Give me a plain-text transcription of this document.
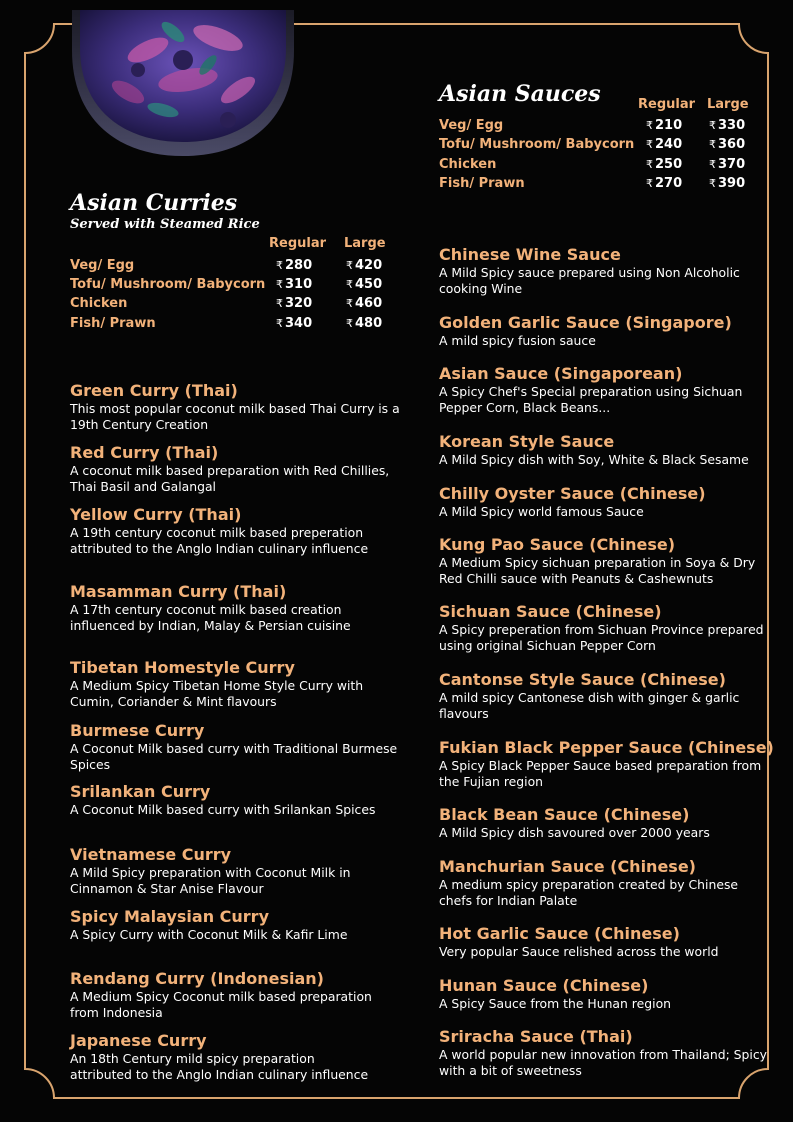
Asian Curries
Served with Steamed Rice
Regular Large
Veg/ Egg	₹ 280	₹ 420
Tofu/ Mushroom/ Babycorn ₹ 310	₹ 450
Chicken	₹ 320	₹ 460
Fish/ Prawn	₹ 340	₹ 480
Green Curry (Thai)
This most popular coconut milk based Thai Curry is a 19th Century Creation
Red Curry (Thai)
A coconut milk based preparation with Red Chillies, Thai Basil and Galangal
Yellow Curry (Thai)
A 19th century coconut milk based preperation attributed to the Anglo Indian culinary influence
Masamman Curry (Thai)
A 17th century coconut milk based creation influenced by Indian, Malay & Persian cuisine
Tibetan Homestyle Curry
A Medium Spicy Tibetan Home Style Curry with Cumin, Coriander & Mint flavours
Burmese Curry
A Coconut Milk based curry with Traditional Burmese Spices
Srilankan Curry
A Coconut Milk based curry with Srilankan Spices
Vietnamese Curry
A Mild Spicy preparation with Coconut Milk in Cinnamon & Star Anise Flavour
Spicy Malaysian Curry
A Spicy Curry with Coconut Milk & Kafir Lime
Rendang Curry (Indonesian)
A Medium Spicy Coconut milk based preparation from Indonesia
Japanese Curry
An 18th Century mild spicy preparation attributed to the Anglo Indian culinary influence
Asian Sauces	Regular Large
Veg/ Egg	₹ 210 ₹ 330
Tofu/ Mushroom/ Babycorn ₹ 240 ₹ 360
Chicken	₹ 250 ₹ 370
Fish/ Prawn	₹ 270 ₹ 390
Chinese Wine Sauce
A Mild Spicy sauce prepared using Non Alcoholic cooking Wine
Golden Garlic Sauce (Singapore)
A mild spicy fusion sauce
Asian Sauce (Singaporean)
A Spicy Chef's Special preparation using Sichuan Pepper Corn, Black Beans...
Korean Style Sauce
A Mild Spicy dish with Soy, White & Black Sesame
Chilly Oyster Sauce (Chinese)
A Mild Spicy world famous Sauce
Kung Pao Sauce (Chinese)
A Medium Spicy sichuan preparation in Soya & Dry Red Chilli sauce with Peanuts & Cashewnuts
Sichuan Sauce (Chinese)
A Spicy preperation from Sichuan Province prepared using original Sichuan Pepper Corn
Cantonse Style Sauce (Chinese)
A mild spicy Cantonese dish with ginger & garlic flavours
Fukian Black Pepper Sauce (Chinese)
A Spicy Black Pepper Sauce based preparation from the Fujian region
Black Bean Sauce (Chinese)
A Mild Spicy dish savoured over 2000 years
Manchurian Sauce (Chinese)
A medium spicy preparation created by Chinese chefs for Indian Palate
Hot Garlic Sauce (Chinese)
Very popular Sauce relished across the world
Hunan Sauce (Chinese)
A Spicy Sauce from the Hunan region
Sriracha Sauce (Thai)
A world popular new innovation from Thailand; Spicy with a bit of sweetness
